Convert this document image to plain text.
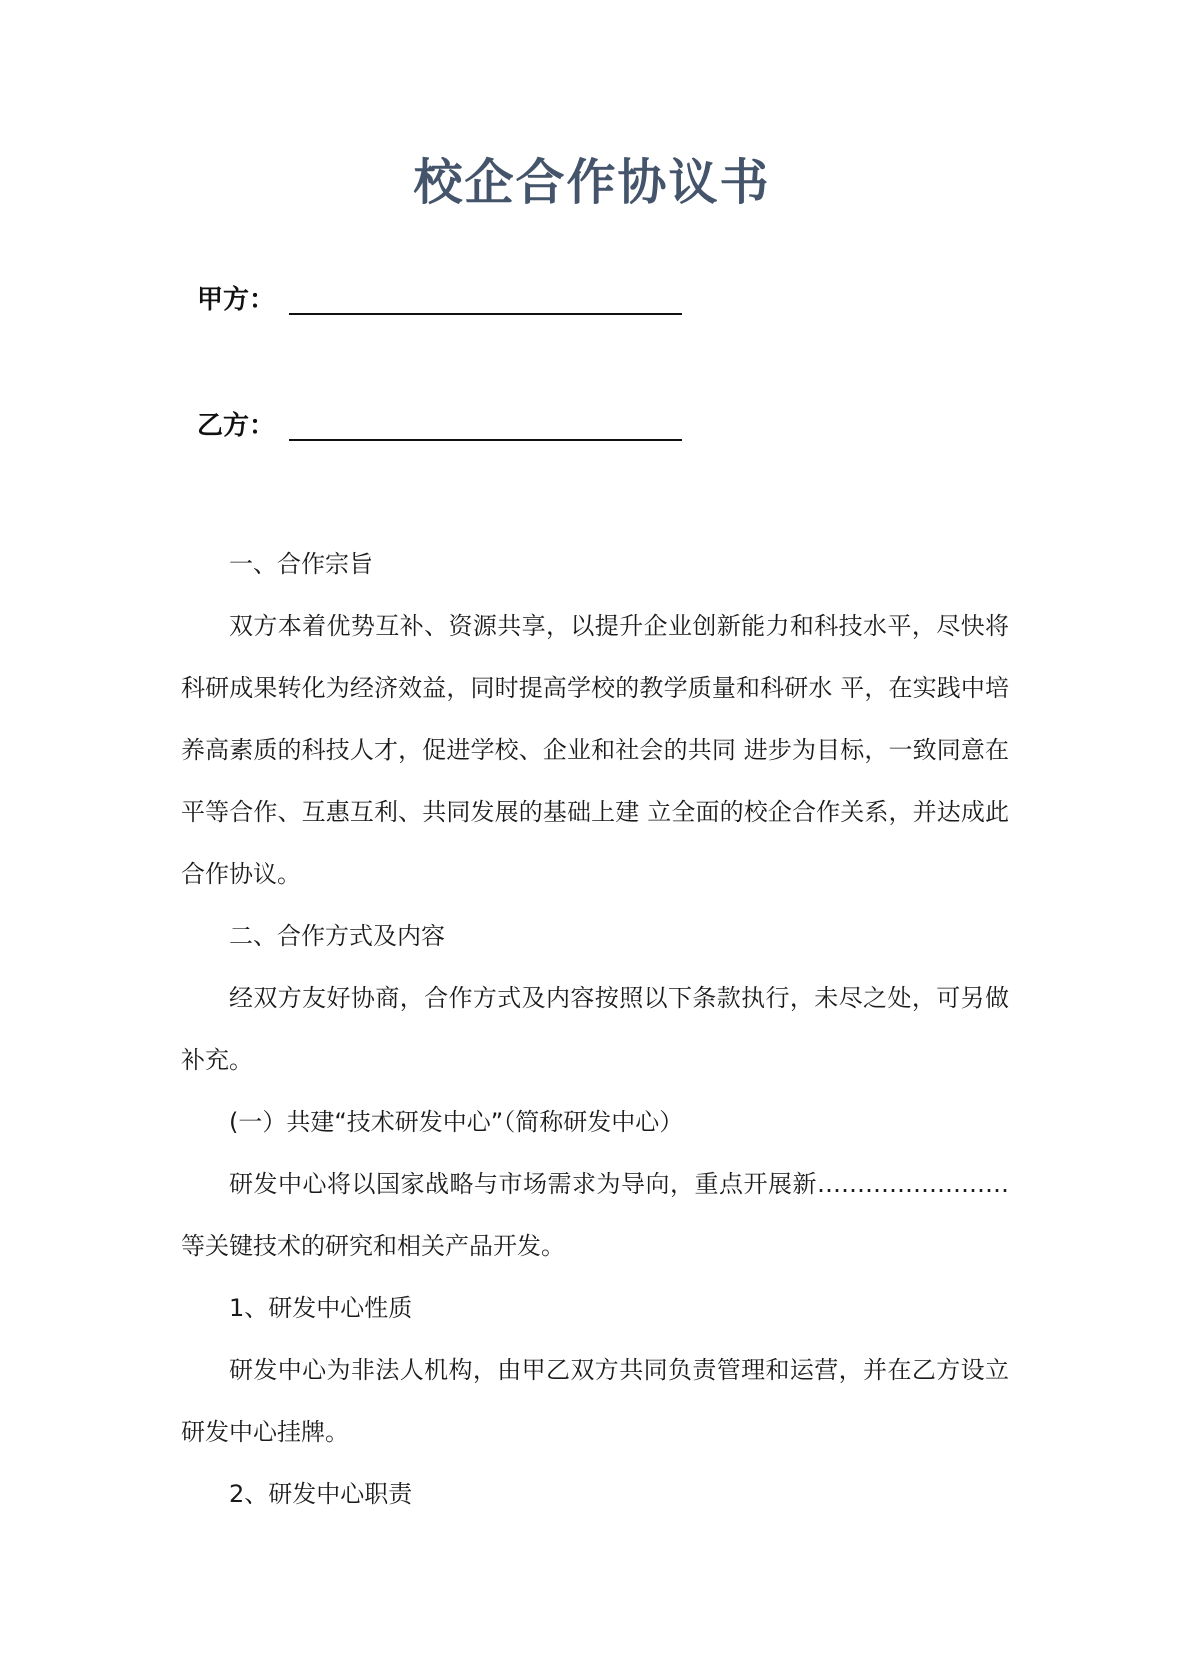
校企合作协议书
甲方：
乙方：

一、合作宗旨

双方本着优势互补、资源共享，以提升企业创新能力和科技水平，尽快将科研成果转化为经济效益，同时提高学校的教学质量和科研水 平，在实践中培养高素质的科技人才，促进学校、企业和社会的共同 进步为目标，一致同意在平等合作、互惠互利、共同发展的基础上建 立全面的校企合作关系，并达成此合作协议。

二、合作方式及内容

经双方友好协商，合作方式及内容按照以下条款执行，未尽之处，可另做补充。

(一）共建“技术研发中心”（简称研发中心）

研发中心将以国家战略与市场需求为导向，重点开展新……………………等关键技术的研究和相关产品开发。

1、研发中心性质

研发中心为非法人机构，由甲乙双方共同负责管理和运营，并在乙方设立研发中心挂牌。

2、研发中心职责
